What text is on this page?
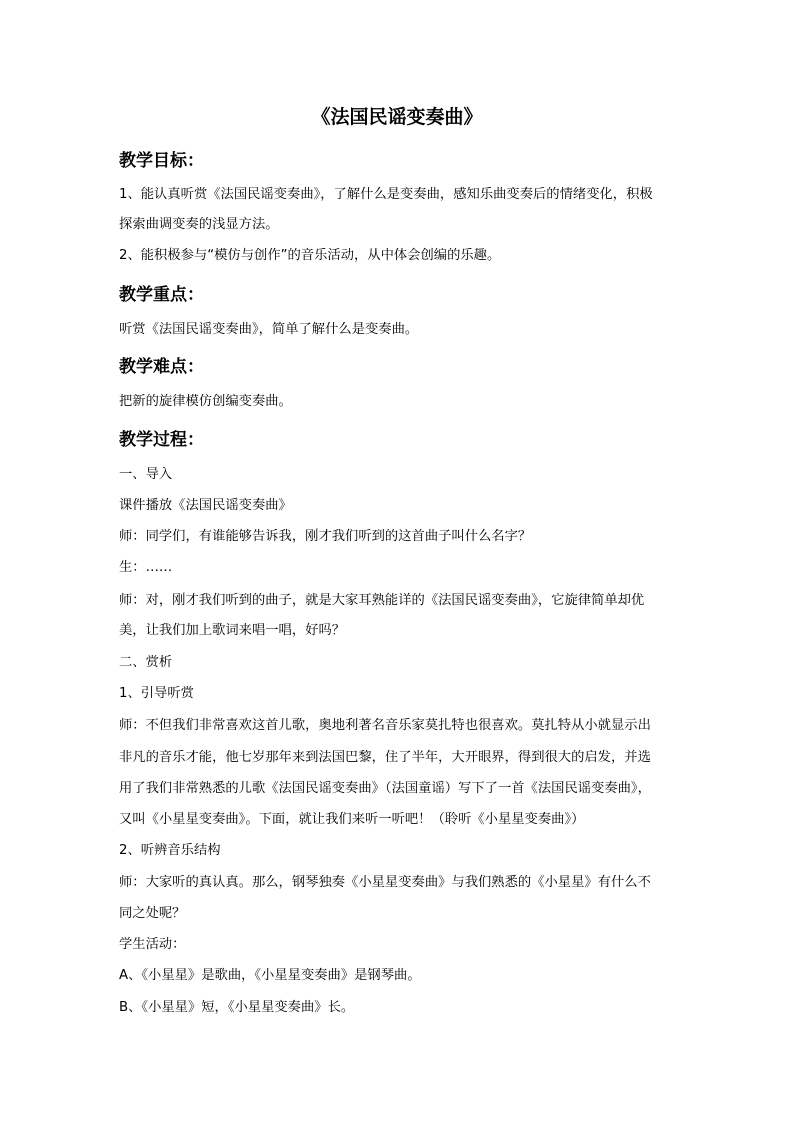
《法国民谣变奏曲》
教学目标：
1、能认真听赏《法国民谣变奏曲》，了解什么是变奏曲，感知乐曲变奏后的情绪变化，积极
探索曲调变奏的浅显方法。
2、能积极参与“模仿与创作”的音乐活动，从中体会创编的乐趣。
教学重点：
听赏《法国民谣变奏曲》，简单了解什么是变奏曲。
教学难点：
把新的旋律模仿创编变奏曲。
教学过程：
一、导入
课件播放《法国民谣变奏曲》
师：同学们，有谁能够告诉我，刚才我们听到的这首曲子叫什么名字？
生：……
师：对，刚才我们听到的曲子，就是大家耳熟能详的《法国民谣变奏曲》，它旋律简单却优
美，让我们加上歌词来唱一唱，好吗？
二、赏析
1、引导听赏
师：不但我们非常喜欢这首儿歌，奥地利著名音乐家莫扎特也很喜欢。莫扎特从小就显示出
非凡的音乐才能，他七岁那年来到法国巴黎，住了半年，大开眼界，得到很大的启发，并选
用了我们非常熟悉的儿歌《法国民谣变奏曲》（法国童谣）写下了一首《法国民谣变奏曲》，
又叫《小星星变奏曲》。下面，就让我们来听一听吧！（聆听《小星星变奏曲》）
2、听辨音乐结构
师：大家听的真认真。那么，钢琴独奏《小星星变奏曲》与我们熟悉的《小星星》有什么不
同之处呢？
学生活动：
A、《小星星》是歌曲，《小星星变奏曲》是钢琴曲。
B、《小星星》短，《小星星变奏曲》长。
